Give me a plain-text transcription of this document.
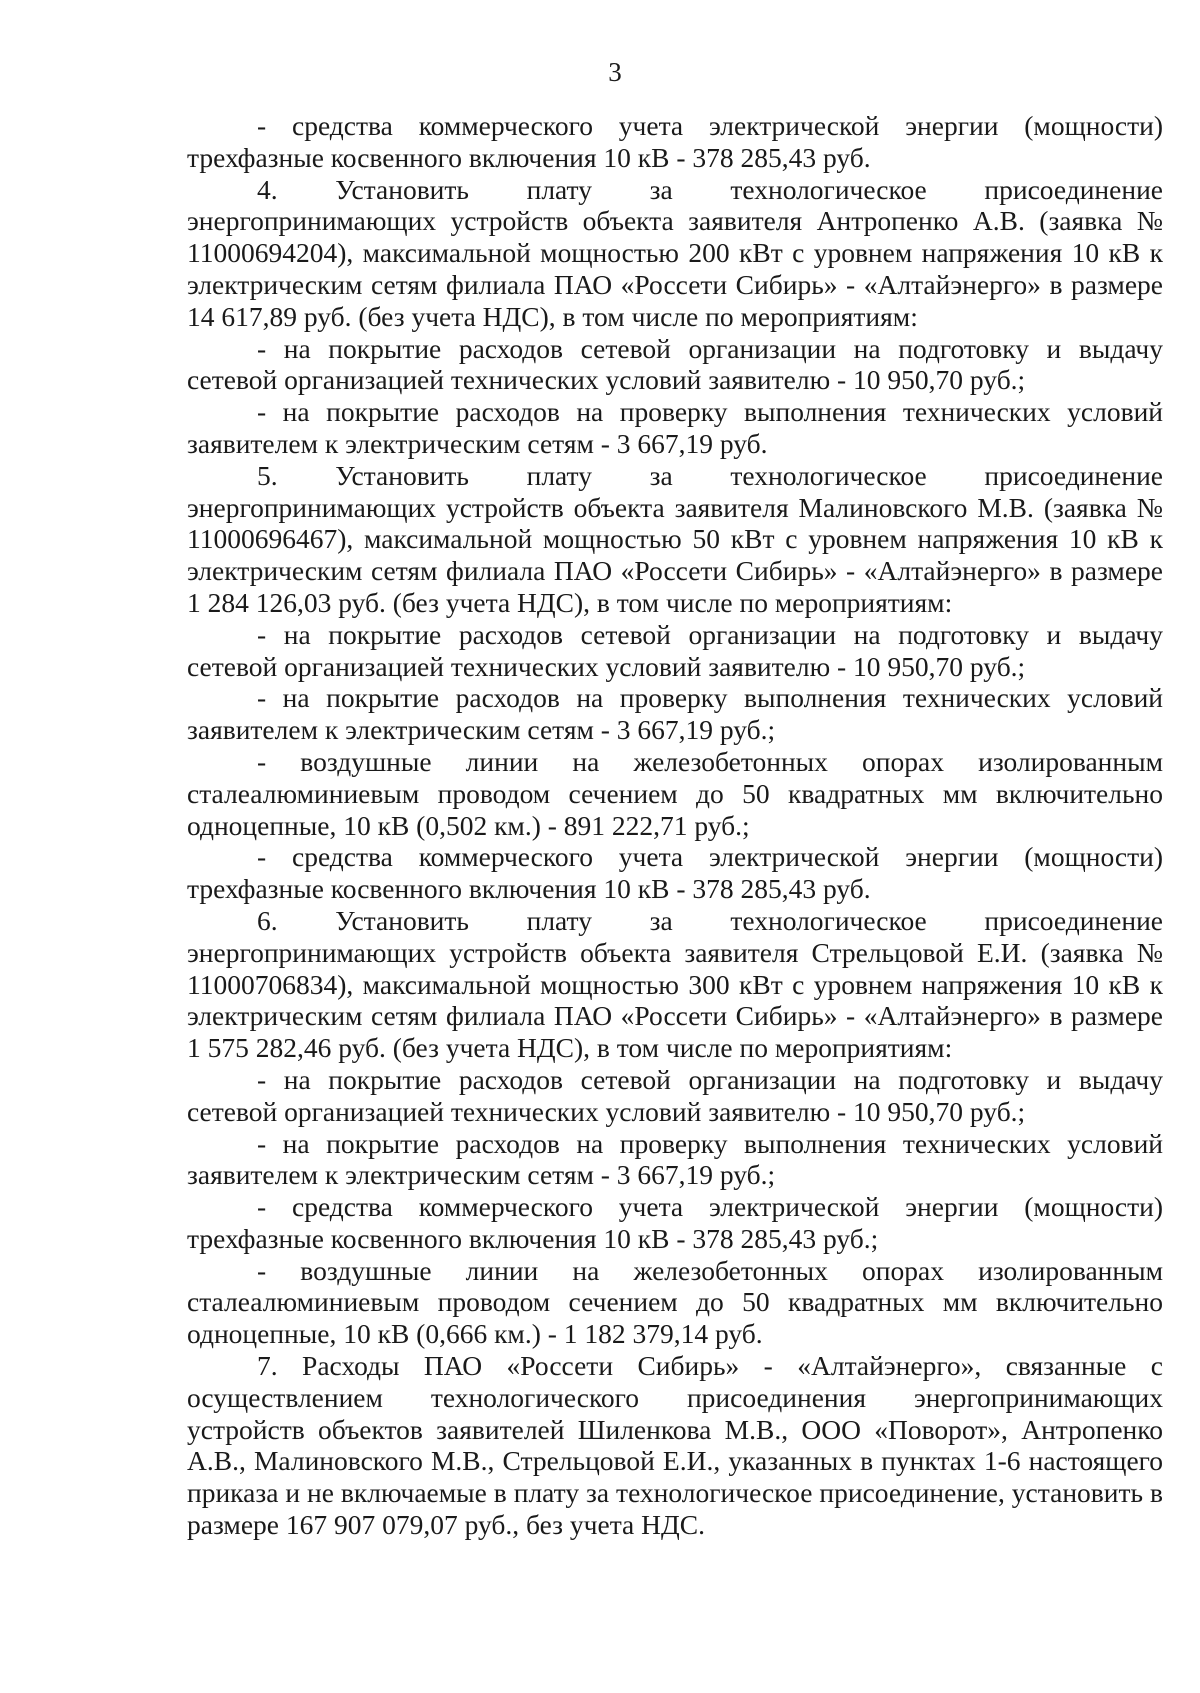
3

- средства коммерческого учета электрической энергии (мощности) трехфазные косвенного включения 10 кВ - 378 285,43 руб.

4. Установить плату за технологическое присоединение энергопринимающих устройств объекта заявителя Антропенко А.В. (заявка № 11000694204), максимальной мощностью 200 кВт с уровнем напряжения 10 кВ к электрическим сетям филиала ПАО «Россети Сибирь» - «Алтайэнерго» в размере 14 617,89 руб. (без учета НДС), в том числе по мероприятиям:

- на покрытие расходов сетевой организации на подготовку и выдачу сетевой организацией технических условий заявителю - 10 950,70 руб.;

- на покрытие расходов на проверку выполнения технических условий заявителем к электрическим сетям - 3 667,19 руб.

5. Установить плату за технологическое присоединение энергопринимающих устройств объекта заявителя Малиновского М.В. (заявка № 11000696467), максимальной мощностью 50 кВт с уровнем напряжения 10 кВ к электрическим сетям филиала ПАО «Россети Сибирь» - «Алтайэнерго» в размере 1 284 126,03 руб. (без учета НДС), в том числе по мероприятиям:

- на покрытие расходов сетевой организации на подготовку и выдачу сетевой организацией технических условий заявителю - 10 950,70 руб.;

- на покрытие расходов на проверку выполнения технических условий заявителем к электрическим сетям - 3 667,19 руб.;

- воздушные линии на железобетонных опорах изолированным сталеалюминиевым проводом сечением до 50 квадратных мм включительно одноцепные, 10 кВ (0,502 км.) - 891 222,71 руб.;

- средства коммерческого учета электрической энергии (мощности) трехфазные косвенного включения 10 кВ - 378 285,43 руб.

6. Установить плату за технологическое присоединение энергопринимающих устройств объекта заявителя Стрельцовой Е.И. (заявка № 11000706834), максимальной мощностью 300 кВт с уровнем напряжения 10 кВ к электрическим сетям филиала ПАО «Россети Сибирь» - «Алтайэнерго» в размере 1 575 282,46 руб. (без учета НДС), в том числе по мероприятиям:

- на покрытие расходов сетевой организации на подготовку и выдачу сетевой организацией технических условий заявителю - 10 950,70 руб.;

- на покрытие расходов на проверку выполнения технических условий заявителем к электрическим сетям - 3 667,19 руб.;

- средства коммерческого учета электрической энергии (мощности) трехфазные косвенного включения 10 кВ - 378 285,43 руб.;

- воздушные линии на железобетонных опорах изолированным сталеалюминиевым проводом сечением до 50 квадратных мм включительно одноцепные, 10 кВ (0,666 км.) - 1 182 379,14 руб.

7. Расходы ПАО «Россети Сибирь» - «Алтайэнерго», связанные с осуществлением технологического присоединения энергопринимающих устройств объектов заявителей Шиленкова М.В., ООО «Поворот», Антропенко А.В., Малиновского М.В., Стрельцовой Е.И., указанных в пунктах 1-6 настоящего приказа и не включаемые в плату за технологическое присоединение, установить в размере 167 907 079,07 руб., без учета НДС.
